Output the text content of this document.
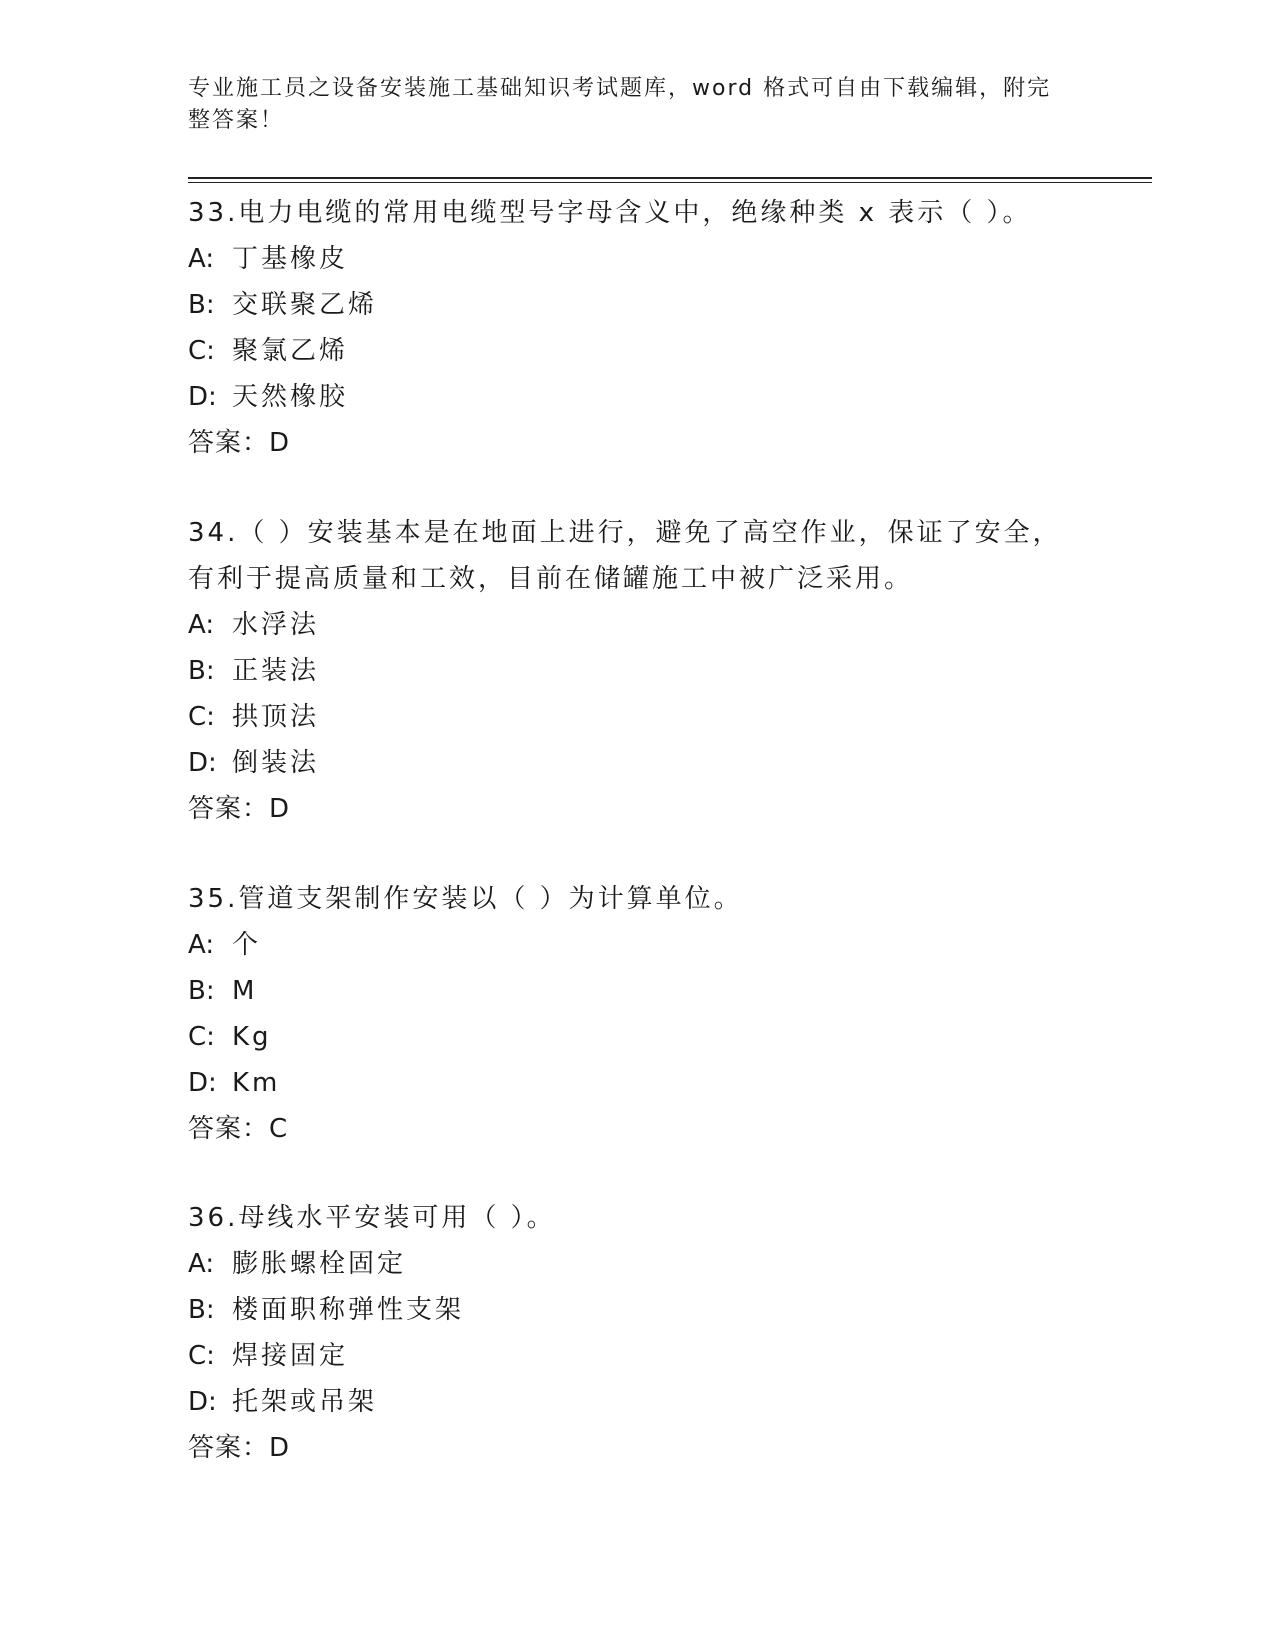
专业施工员之设备安装施工基础知识考试题库，word 格式可自由下载编辑，附完整答案！
33.电力电缆的常用电缆型号字母含义中，绝缘种类 x 表示（ ）。
A: 丁基橡皮
B: 交联聚乙烯
C: 聚氯乙烯
D: 天然橡胶
答案：D
34.（ ）安装基本是在地面上进行，避免了高空作业，保证了安全，
有利于提高质量和工效，目前在储罐施工中被广泛采用。
A: 水浮法
B: 正装法
C: 拱顶法
D: 倒装法
答案：D
35.管道支架制作安装以（ ）为计算单位。
A: 个
B: M
C: Kg
D: Km
答案：C
36.母线水平安装可用（ ）。
A: 膨胀螺栓固定
B: 楼面职称弹性支架
C: 焊接固定
D: 托架或吊架
答案：D
